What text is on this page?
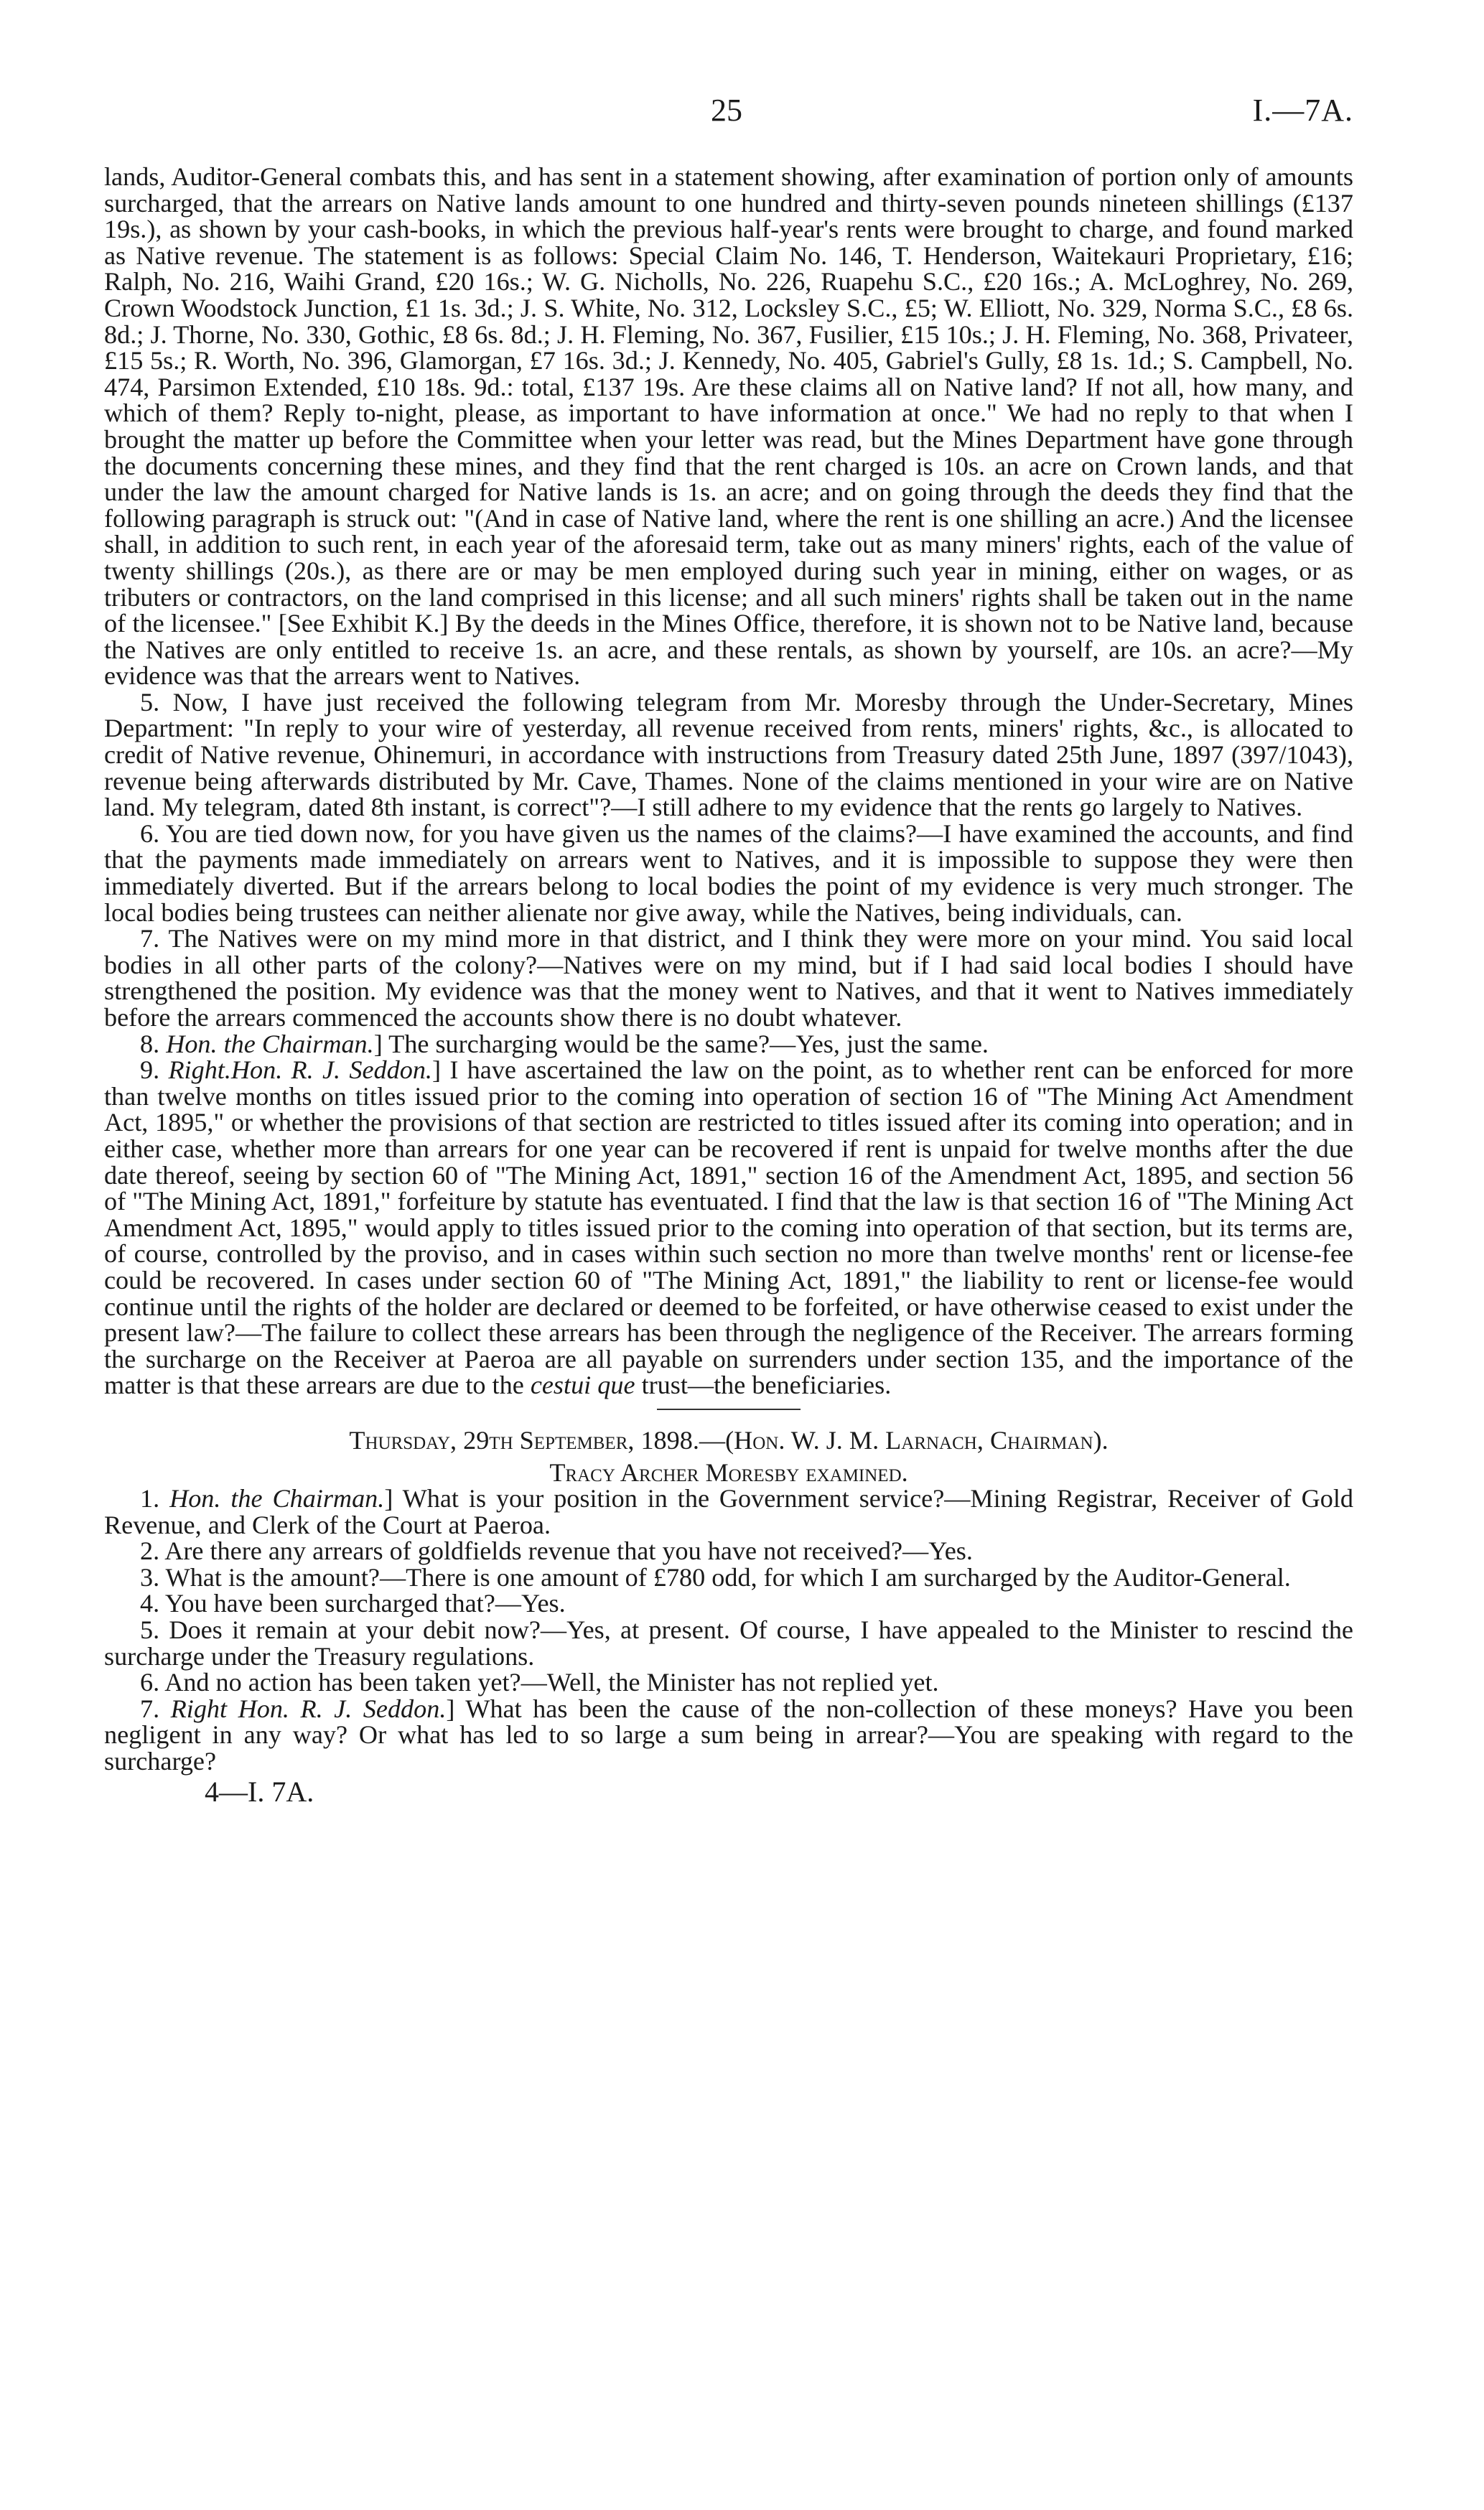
25	I.—7A.

lands, Auditor-General combats this, and has sent in a statement showing, after examination of portion only of amounts surcharged, that the arrears on Native lands amount to one hundred and thirty-seven pounds nineteen shillings (£137 19s.), as shown by your cash-books, in which the previous half-year's rents were brought to charge, and found marked as Native revenue. The statement is as follows: Special Claim No. 146, T. Henderson, Waitekauri Proprietary, £16; Ralph, No. 216, Waihi Grand, £20 16s.; W. G. Nicholls, No. 226, Ruapehu S.C., £20 16s.; A. McLoghrey, No. 269, Crown Woodstock Junction, £1 1s. 3d.; J. S. White, No. 312, Locksley S.C., £5; W. Elliott, No. 329, Norma S.C., £8 6s. 8d.; J. Thorne, No. 330, Gothic, £8 6s. 8d.; J. H. Fleming, No. 367, Fusilier, £15 10s.; J. H. Fleming, No. 368, Privateer, £15 5s.; R. Worth, No. 396, Glamorgan, £7 16s. 3d.; J. Kennedy, No. 405, Gabriel's Gully, £8 1s. 1d.; S. Campbell, No. 474, Parsimon Extended, £10 18s. 9d.: total, £137 19s. Are these claims all on Native land? If not all, how many, and which of them? Reply to-night, please, as important to have information at once." We had no reply to that when I brought the matter up before the Committee when your letter was read, but the Mines Department have gone through the documents concerning these mines, and they find that the rent charged is 10s. an acre on Crown lands, and that under the law the amount charged for Native lands is 1s. an acre; and on going through the deeds they find that the following paragraph is struck out: "(And in case of Native land, where the rent is one shilling an acre.) And the licensee shall, in addition to such rent, in each year of the aforesaid term, take out as many miners' rights, each of the value of twenty shillings (20s.), as there are or may be men employed during such year in mining, either on wages, or as tributers or contractors, on the land comprised in this license; and all such miners' rights shall be taken out in the name of the licensee." [See Exhibit K.] By the deeds in the Mines Office, therefore, it is shown not to be Native land, because the Natives are only entitled to receive 1s. an acre, and these rentals, as shown by yourself, are 10s. an acre?—My evidence was that the arrears went to Natives.

5. Now, I have just received the following telegram from Mr. Moresby through the Under-Secretary, Mines Department: "In reply to your wire of yesterday, all revenue received from rents, miners' rights, &c., is allocated to credit of Native revenue, Ohinemuri, in accordance with instructions from Treasury dated 25th June, 1897 (397/1043), revenue being afterwards distributed by Mr. Cave, Thames. None of the claims mentioned in your wire are on Native land. My telegram, dated 8th instant, is correct"?—I still adhere to my evidence that the rents go largely to Natives.

6. You are tied down now, for you have given us the names of the claims?—I have examined the accounts, and find that the payments made immediately on arrears went to Natives, and it is impossible to suppose they were then immediately diverted. But if the arrears belong to local bodies the point of my evidence is very much stronger. The local bodies being trustees can neither alienate nor give away, while the Natives, being individuals, can.

7. The Natives were on my mind more in that district, and I think they were more on your mind. You said local bodies in all other parts of the colony?—Natives were on my mind, but if I had said local bodies I should have strengthened the position. My evidence was that the money went to Natives, and that it went to Natives immediately before the arrears commenced the accounts show there is no doubt whatever.

8. Hon. the Chairman.] The surcharging would be the same?—Yes, just the same.

9. Right.Hon. R. J. Seddon.] I have ascertained the law on the point, as to whether rent can be enforced for more than twelve months on titles issued prior to the coming into operation of section 16 of "The Mining Act Amendment Act, 1895," or whether the provisions of that section are restricted to titles issued after its coming into operation; and in either case, whether more than arrears for one year can be recovered if rent is unpaid for twelve months after the due date thereof, seeing by section 60 of "The Mining Act, 1891," section 16 of the Amendment Act, 1895, and section 56 of "The Mining Act, 1891," forfeiture by statute has eventuated. I find that the law is that section 16 of "The Mining Act Amendment Act, 1895," would apply to titles issued prior to the coming into operation of that section, but its terms are, of course, controlled by the proviso, and in cases within such section no more than twelve months' rent or license-fee could be recovered. In cases under section 60 of "The Mining Act, 1891," the liability to rent or license-fee would continue until the rights of the holder are declared or deemed to be forfeited, or have otherwise ceased to exist under the present law?—The failure to collect these arrears has been through the negligence of the Receiver. The arrears forming the surcharge on the Receiver at Paeroa are all payable on surrenders under section 135, and the importance of the matter is that these arrears are due to the cestui que trust—the beneficiaries.

Thursday, 29th September, 1898.—(Hon. W. J. M. Larnach, Chairman).

Tracy Archer Moresby examined.

1. Hon. the Chairman.] What is your position in the Government service?—Mining Registrar, Receiver of Gold Revenue, and Clerk of the Court at Paeroa.

2. Are there any arrears of goldfields revenue that you have not received?—Yes.

3. What is the amount?—There is one amount of £780 odd, for which I am surcharged by the Auditor-General.

4. You have been surcharged that?—Yes.

5. Does it remain at your debit now?—Yes, at present. Of course, I have appealed to the Minister to rescind the surcharge under the Treasury regulations.

6. And no action has been taken yet?—Well, the Minister has not replied yet.

7. Right Hon. R. J. Seddon.] What has been the cause of the non-collection of these moneys? Have you been negligent in any way? Or what has led to so large a sum being in arrear?—You are speaking with regard to the surcharge?

4—I. 7A.
